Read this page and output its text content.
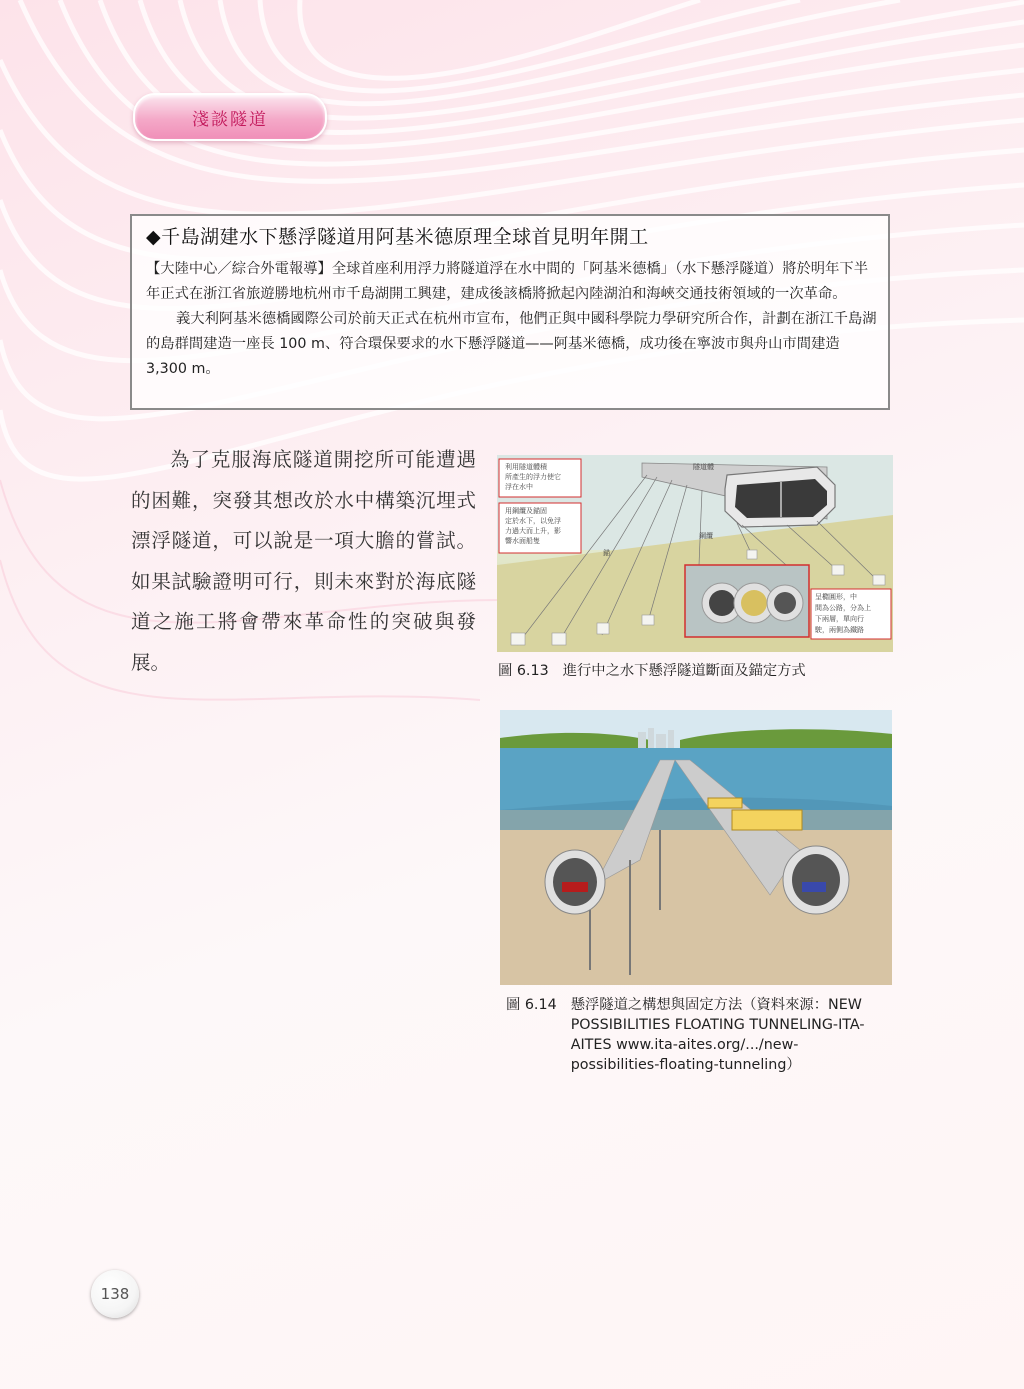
淺談隧道
◆千島湖建水下懸浮隧道用阿基米德原理全球首見明年開工

【大陸中心／綜合外電報導】全球首座利用浮力將隧道浮在水中間的「阿基米德橋」（水下懸浮隧道）將於明年下半年正式在浙江省旅遊勝地杭州市千島湖開工興建，建成後該橋將掀起內陸湖泊和海峽交通技術領域的一次革命。

義大利阿基米德橋國際公司於前天正式在杭州市宣布，他們正與中國科學院力學研究所合作，計劃在浙江千島湖的島群間建造一座長 100 m、符合環保要求的水下懸浮隧道——阿基米德橋，成功後在寧波市與舟山市間建造 3,300 m。

為了克服海底隧道開挖所可能遭遇的困難，突發其想改於水中構築沉埋式漂浮隧道，可以說是一項大膽的嘗試。如果試驗證明可行，則未來對於海底隧道之施工將會帶來革命性的突破與發展。

利用隧道體積
所產生的浮力使它
浮在水中
用鋼纜及錨固
定於水下，以免浮
力過大而上升，影
響水面船隻
隧道體
鋼纜
錨
呈橢圓形，中
間為公路，分為上
下兩層，單向行
駛，兩側為鐵路
圖 6.13 進行中之水下懸浮隧道斷面及錨定方式
圖 6.14 懸浮隧道之構想與固定方法（資料來源：NEW POSSIBILITIES FLOATING TUNNELING-ITA-AITES www.ita-aites.org/.../new-possibilities-floating-tunneling）
138
